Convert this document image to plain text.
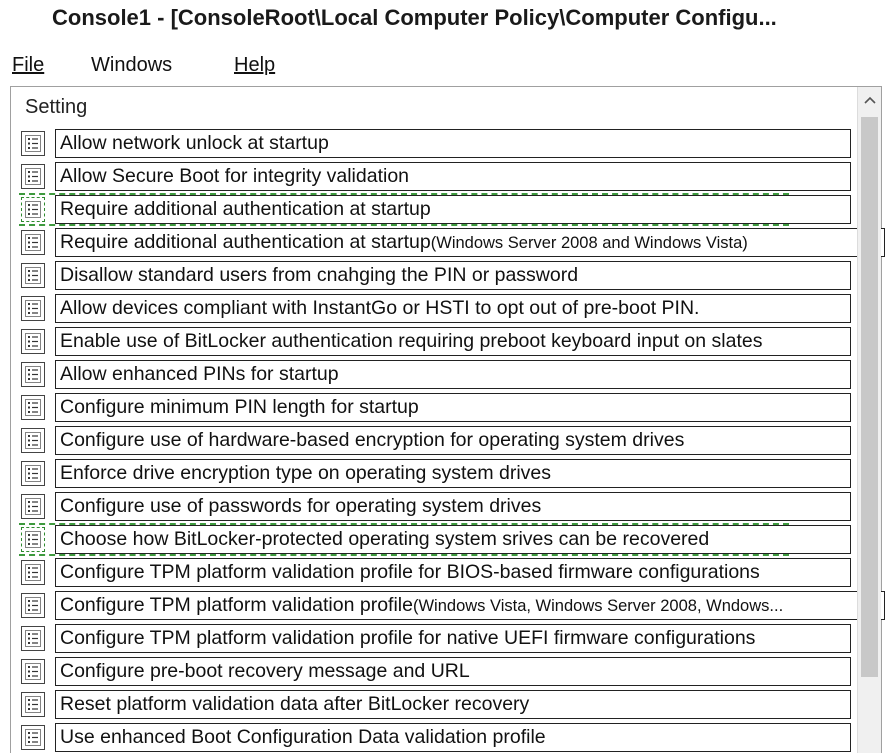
Console1 - [ConsoleRoot\Local Computer Policy\Computer Configu...
File Windows	Help
Setting
Allow network unlock at startup
Allow Secure Boot for integrity validation
Require additional authentication at startup
Require additional authentication at startup(Windows Server 2008 and Windows Vista)
Disallow standard users from cnahging the PIN or password
Allow devices compliant with InstantGo or HSTI to opt out of pre-boot PIN.
Enable use of BitLocker authentication requiring preboot keyboard input on slates
Allow enhanced PINs for startup
Configure minimum PIN length for startup
Configure use of hardware-based encryption for operating system drives
Enforce drive encryption type on operating system drives
Configure use of passwords for operating system drives
Choose how BitLocker-protected operating system srives can be recovered
Configure TPM platform validation profile for BIOS-based firmware configurations
Configure TPM platform validation profile(Windows Vista, Windows Server 2008, Wndows...
Configure TPM platform validation profile for native UEFI firmware configurations
Configure pre-boot recovery message and URL
Reset platform validation data after BitLocker recovery
Use enhanced Boot Configuration Data validation profile
